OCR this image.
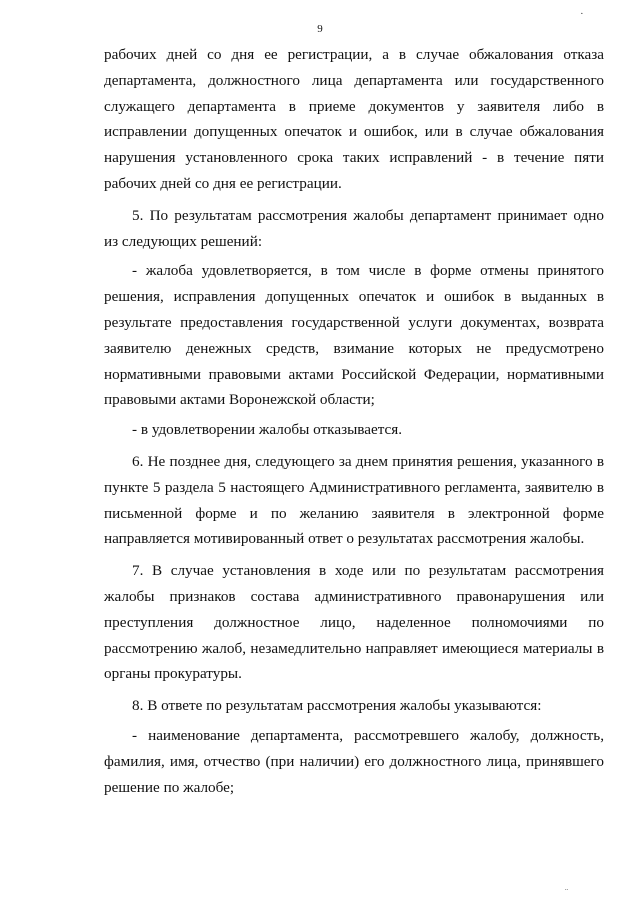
9
·

рабочих дней со дня ее регистрации, а в случае обжалования отказа департамента, должностного лица департамента или государственного служащего департамента в приеме документов у заявителя либо в исправлении допущенных опечаток и ошибок, или в случае обжалования нарушения установленного срока таких исправлений - в течение пяти рабочих дней со дня ее регистрации.

5. По результатам рассмотрения жалобы департамент принимает одно из следующих решений:

- жалоба удовлетворяется, в том числе в форме отмены принятого решения, исправления допущенных опечаток и ошибок в выданных в результате предоставления государственной услуги документах, возврата заявителю денежных средств, взимание которых не предусмотрено нормативными правовыми актами Российской Федерации, нормативными правовыми актами Воронежской области;

- в удовлетворении жалобы отказывается.

6. Не позднее дня, следующего за днем принятия решения, указанного в пункте 5 раздела 5 настоящего Административного регламента, заявителю в письменной форме и по желанию заявителя в электронной форме направляется мотивированный ответ о результатах рассмотрения жалобы.

7. В случае установления в ходе или по результатам рассмотрения жалобы признаков состава административного правонарушения или преступления должностное лицо, наделенное полномочиями по рассмотрению жалоб, незамедлительно направляет имеющиеся материалы в органы прокуратуры.

8. В ответе по результатам рассмотрения жалобы указываются:

- наименование департамента, рассмотревшего жалобу, должность, фамилия, имя, отчество (при наличии) его должностного лица, принявшего решение по жалобе;

¨
